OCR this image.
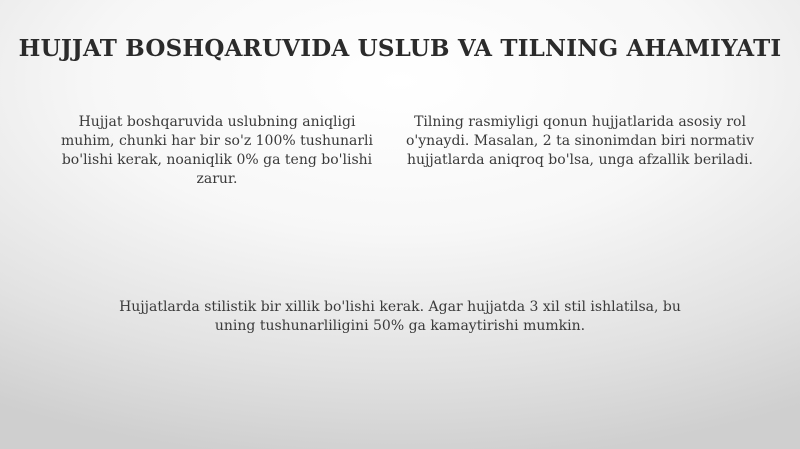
HUJJAT BOSHQARUVIDA USLUB VA TILNING AHAMIYATI

Hujjat boshqaruvida uslubning aniqligi muhim, chunki har bir so'z 100% tushunarli bo'lishi kerak, noaniqlik 0% ga teng bo'lishi zarur.

Tilning rasmiyligi qonun hujjatlarida asosiy rol o'ynaydi. Masalan, 2 ta sinonimdan biri normativ hujjatlarda aniqroq bo'lsa, unga afzallik beriladi.

Hujjatlarda stilistik bir xillik bo'lishi kerak. Agar hujjatda 3 xil stil ishlatilsa, bu uning tushunarliligini 50% ga kamaytirishi mumkin.
